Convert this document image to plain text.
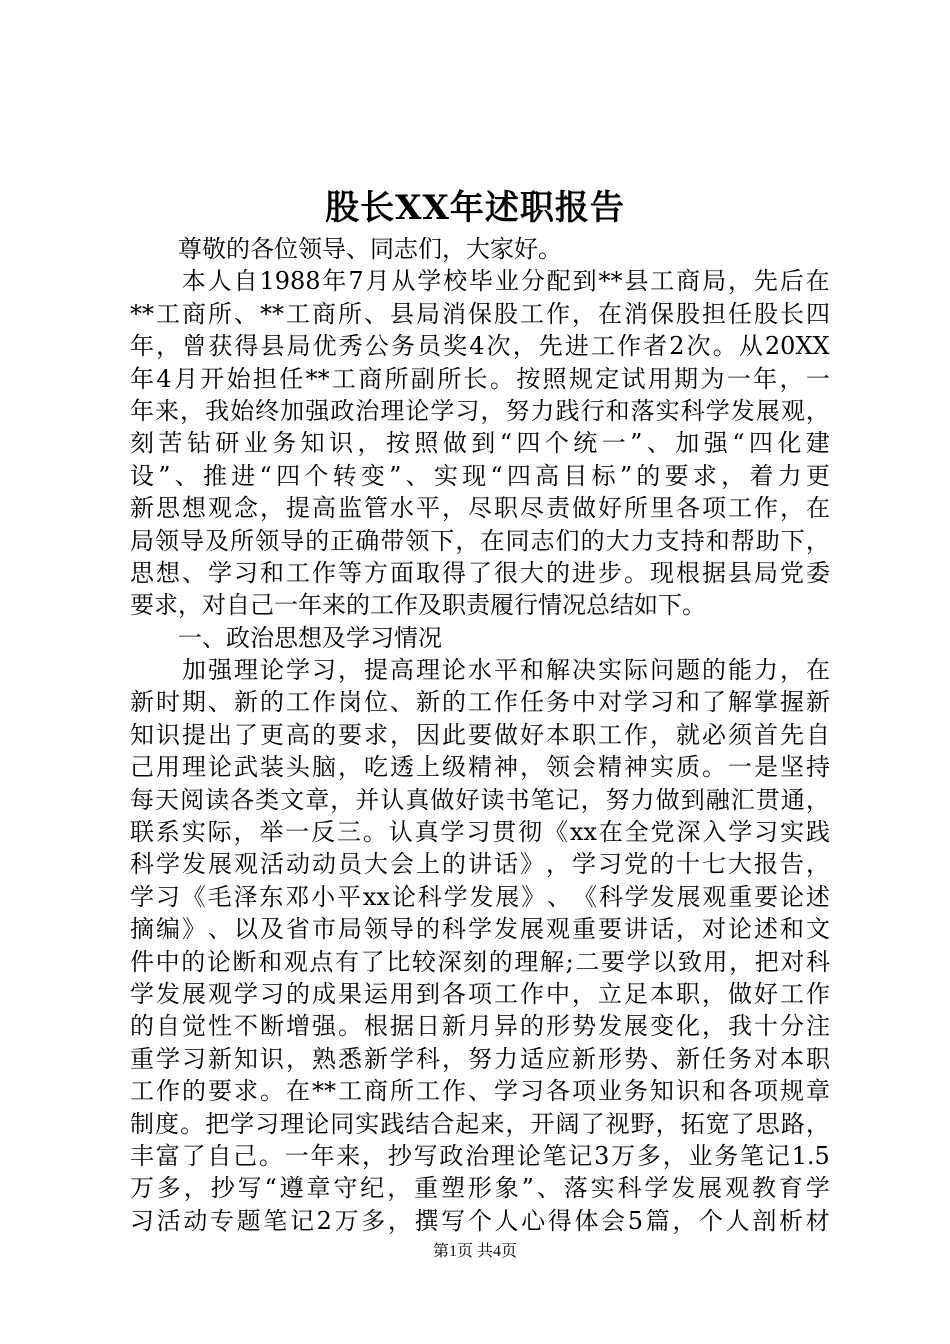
股长XX年述职报告
　　尊敬的各位领导、同志们，大家好。

本 人 自 1988 年 7 月 从 学 校 毕 业 分 配 到 ** 县 工 商 局 ， 先 后 在
** 工 商 所 、 ** 工 商 所 、 县 局 消 保 股 工 作 ， 在 消 保 股 担 任 股 长 四
年 ， 曾 获 得 县 局 优 秀 公 务 员 奖 4 次 ， 先 进 工 作 者 2 次 。 从 20XX
年 4 月 开 始 担 任 ** 工 商 所 副 所 长 。 按 照 规 定 试 用 期 为 一 年 ， 一
年 来 ， 我 始 终 加 强 政 治 理 论 学 习 ， 努 力 践 行 和 落 实 科 学 发 展 观 ，
刻 苦 钻 研 业 务 知 识 ， 按 照 做 到 “ 四 个 统 一 ” 、 加 强 “ 四 化 建
设 ” 、 推 进 “ 四 个 转 变 ” 、 实 现 “ 四 高 目 标 ” 的 要 求 ， 着 力 更
新 思 想 观 念 ， 提 高 监 管 水 平 ， 尽 职 尽 责 做 好 所 里 各 项 工 作 ， 在
局 领 导 及 所 领 导 的 正 确 带 领 下 ， 在 同 志 们 的 大 力 支 持 和 帮 助 下 ，
思 想 、 学 习 和 工 作 等 方 面 取 得 了 很 大 的 进 步 。 现 根 据 县 局 党 委
要求，对自己一年来的工作及职责履行情况总结如下。
　　一、政治思想及学习情况

加 强 理 论 学 习 ， 提 高 理 论 水 平 和 解 决 实 际 问 题 的 能 力 ， 在
新 时 期 、 新 的 工 作 岗 位 、 新 的 工 作 任 务 中 对 学 习 和 了 解 掌 握 新
知 识 提 出 了 更 高 的 要 求 ， 因 此 要 做 好 本 职 工 作 ， 就 必 须 首 先 自
己 用 理 论 武 装 头 脑 ， 吃 透 上 级 精 神 ， 领 会 精 神 实 质 。 一 是 坚 持
每 天 阅 读 各 类 文 章 ， 并 认 真 做 好 读 书 笔 记 ， 努 力 做 到 融 汇 贯 通 ，
联 系 实 际 ， 举 一 反 三 。 认 真 学 习 贯 彻 《 xx 在 全 党 深 入 学 习 实 践
科 学 发 展 观 活 动 动 员 大 会 上 的 讲 话 》 ， 学 习 党 的 十 七 大 报 告 ，
学 习 《 毛 泽 东 邓 小 平 xx 论 科 学 发 展 》 、 《 科 学 发 展 观 重 要 论 述
摘 编 》 、 以 及 省 市 局 领 导 的 科 学 发 展 观 重 要 讲 话 ， 对 论 述 和 文
件 中 的 论 断 和 观 点 有 了 比 较 深 刻 的 理 解 ; 二 要 学 以 致 用 ， 把 对 科
学 发 展 观 学 习 的 成 果 运 用 到 各 项 工 作 中 ， 立 足 本 职 ， 做 好 工 作
的 自 觉 性 不 断 增 强 。 根 据 日 新 月 异 的 形 势 发 展 变 化 ， 我 十 分 注
重 学 习 新 知 识 ， 熟 悉 新 学 科 ， 努 力 适 应 新 形 势 、 新 任 务 对 本 职
工 作 的 要 求 。 在 ** 工 商 所 工 作 、 学 习 各 项 业 务 知 识 和 各 项 规 章
制 度 。 把 学 习 理 论 同 实 践 结 合 起 来 ， 开 阔 了 视 野 ， 拓 宽 了 思 路 ，
丰 富 了 自 己 。 一 年 来 ， 抄 写 政 治 理 论 笔 记 3 万 多 ， 业 务 笔 记 1.5
万 多 ， 抄 写 “ 遵 章 守 纪 ， 重 塑 形 象 ” 、 落 实 科 学 发 展 观 教 育 学
习 活 动 专 题 笔 记 2 万 多 ， 撰 写 个 人 心 得 体 会 5 篇 ， 个 人 剖 析 材
第1页 共4页
